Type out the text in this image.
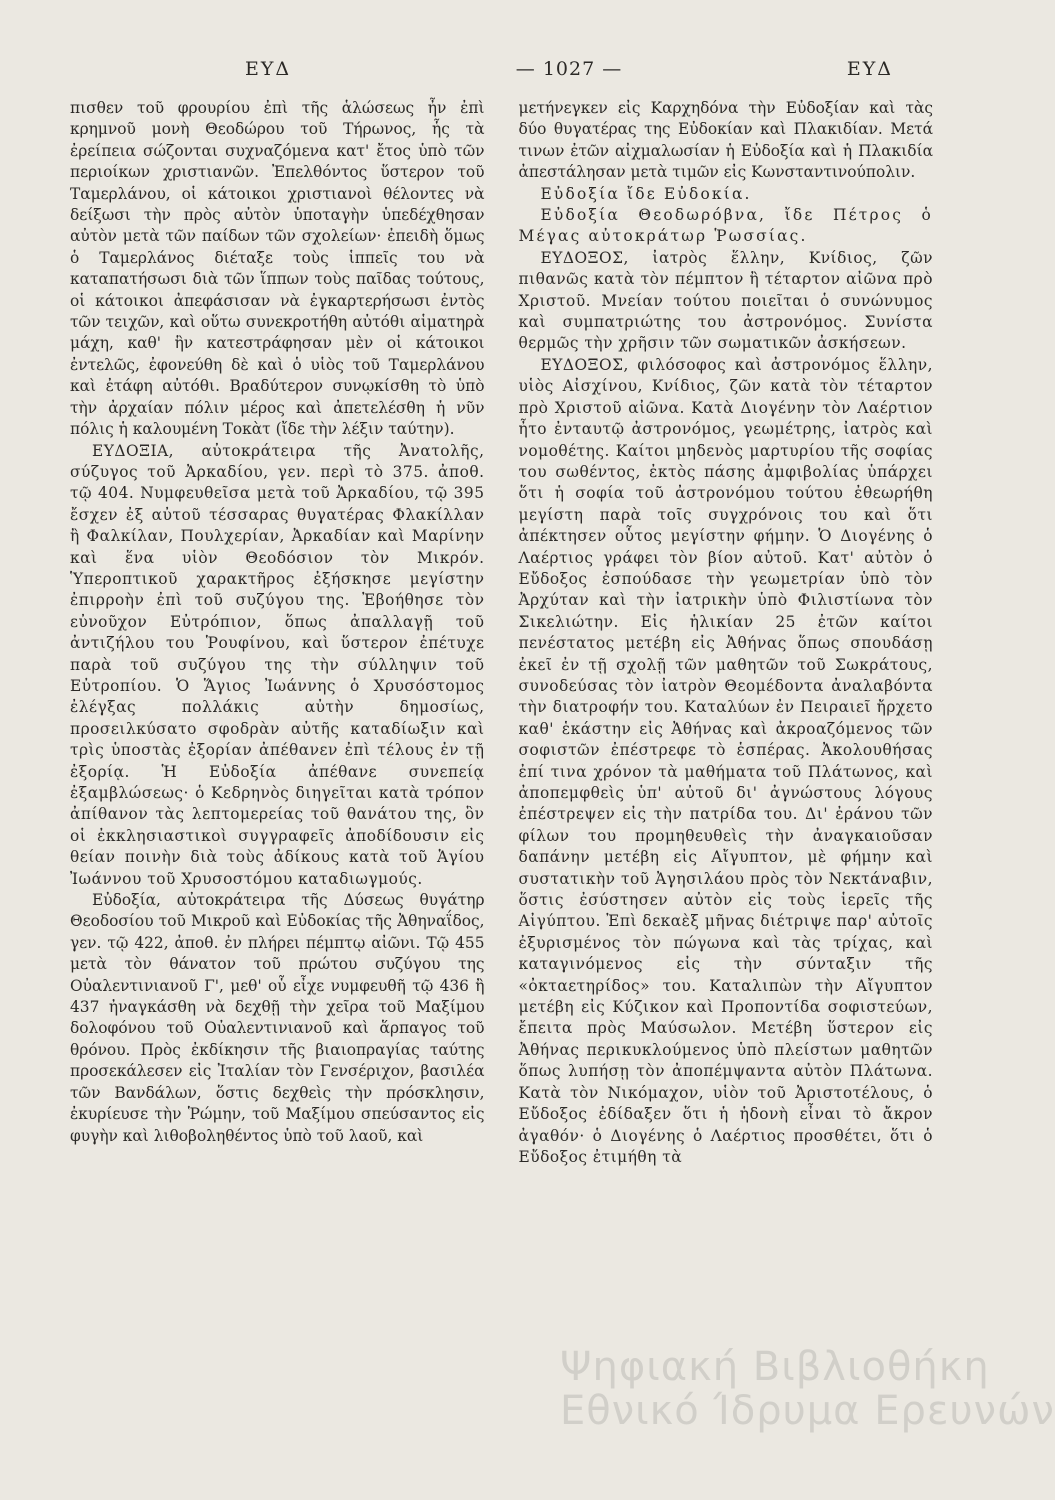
ΕΥΔ	— 1027 —	ΕΥΔ

πισθεν τοῦ φρουρίου ἐπὶ τῆς ἁλώσεως ἦν ἐπὶ κρημνοῦ μονὴ Θεοδώρου τοῦ Τήρωνος, ἧς τὰ ἐρείπεια σώζονται συχναζόμενα κατ' ἔτος ὑπὸ τῶν περιοίκων χριστιανῶν. Ἐπελθόντος ὕστερον τοῦ Ταμερλάνου, οἱ κάτοικοι χριστιανοὶ θέλοντες νὰ δείξωσι τὴν πρὸς αὐτὸν ὑποταγὴν ὑπεδέχθησαν αὐτὸν μετὰ τῶν παίδων τῶν σχολείων· ἐπειδὴ ὅμως ὁ Ταμερλάνος διέταξε τοὺς ἱππεῖς του νὰ καταπατήσωσι διὰ τῶν ἵππων τοὺς παῖδας τούτους, οἱ κάτοικοι ἀπεφάσισαν νὰ ἐγκαρτερήσωσι ἐντὸς τῶν τειχῶν, καὶ οὕτω συνεκροτήθη αὐτόθι αἱματηρὰ μάχη, καθ' ἣν κατεστράφησαν μὲν οἱ κάτοικοι ἐντελῶς, ἐφονεύθη δὲ καὶ ὁ υἱὸς τοῦ Ταμερλάνου καὶ ἐτάφη αὐτόθι. Βραδύτερον συνῳκίσθη τὸ ὑπὸ τὴν ἀρχαίαν πόλιν μέρος καὶ ἀπετελέσθη ἡ νῦν πόλις ἡ καλουμένη Τοκὰτ (ἴδε τὴν λέξιν ταύτην).

ΕΥΔΟΞΙΑ, αὐτοκράτειρα τῆς Ἀνατολῆς, σύζυγος τοῦ Ἀρκαδίου, γεν. περὶ τὸ 375. ἀποθ. τῷ 404. Νυμφευθεῖσα μετὰ τοῦ Ἀρκαδίου, τῷ 395 ἔσχεν ἐξ αὐτοῦ τέσσαρας θυγατέρας Φλακίλλαν ἢ Φαλκίλαν, Πουλχερίαν, Ἀρκαδίαν καὶ Μαρίνην καὶ ἕνα υἱὸν Θεοδόσιον τὸν Μικρόν. Ὑπεροπτικοῦ χαρακτῆρος ἐξήσκησε μεγίστην ἐπιρροὴν ἐπὶ τοῦ συζύγου της. Ἐβοήθησε τὸν εὐνοῦχον Εὐτρόπιον, ὅπως ἀπαλλαγῇ τοῦ ἀντιζήλου του Ῥουφίνου, καὶ ὕστερον ἐπέτυχε παρὰ τοῦ συζύγου της τὴν σύλληψιν τοῦ Εὐτροπίου. Ὁ Ἅγιος Ἰωάννης ὁ Χρυσόστομος ἐλέγξας πολλάκις αὐτὴν δημοσίως, προσειλκύσατο σφοδρὰν αὐτῆς καταδίωξιν καὶ τρὶς ὑποστὰς ἐξορίαν ἀπέθανεν ἐπὶ τέλους ἐν τῇ ἐξορίᾳ. Ἡ Εὐδοξία ἀπέθανε συνεπείᾳ ἐξαμβλώσεως· ὁ Κεδρηνὸς διηγεῖται κατὰ τρόπον ἀπίθανον τὰς λεπτομερείας τοῦ θανάτου της, ὃν οἱ ἐκκλησιαστικοὶ συγγραφεῖς ἀποδίδουσιν εἰς θείαν ποινὴν διὰ τοὺς ἀδίκους κατὰ τοῦ Ἁγίου Ἰωάννου τοῦ Χρυσοστόμου καταδιωγμούς.

Εὐδοξία, αὐτοκράτειρα τῆς Δύσεως θυγάτηρ Θεοδοσίου τοῦ Μικροῦ καὶ Εὐδοκίας τῆς Ἀθηναΐδος, γεν. τῷ 422, ἀποθ. ἐν πλήρει πέμπτῳ αἰῶνι. Τῷ 455 μετὰ τὸν θάνατον τοῦ πρώτου συζύγου της Οὐαλεντινιανοῦ Γ', μεθ' οὗ εἶχε νυμφευθῆ τῷ 436 ἢ 437 ἠναγκάσθη νὰ δεχθῇ τὴν χεῖρα τοῦ Μαξίμου δολοφόνου τοῦ Οὐαλεντινιανοῦ καὶ ἅρπαγος τοῦ θρόνου. Πρὸς ἐκδίκησιν τῆς βιαιοπραγίας ταύτης προσεκάλεσεν εἰς Ἰταλίαν τὸν Γενσέριχον, βασιλέα τῶν Βανδάλων, ὅστις δεχθεὶς τὴν πρόσκλησιν, ἐκυρίευσε τὴν Ῥώμην, τοῦ Μαξίμου σπεύσαντος εἰς φυγὴν καὶ λιθοβοληθέντος ὑπὸ τοῦ λαοῦ, καὶ

μετήνεγκεν εἰς Καρχηδόνα τὴν Εὐδοξίαν καὶ τὰς δύο θυγατέρας της Εὐδοκίαν καὶ Πλακιδίαν. Μετά τινων ἐτῶν αἰχμαλωσίαν ἡ Εὐδοξία καὶ ἡ Πλακιδία ἀπεστάλησαν μετὰ τιμῶν εἰς Κωνσταντινούπολιν.

Εὐδοξία ἴδε Εὐδοκία.

Εὐδοξία Θεοδωρόβνα, ἴδε Πέτρος ὁ Μέγας αὐτοκράτωρ Ῥωσσίας.

ΕΥΔΟΞΟΣ, ἰατρὸς ἕλλην, Κνίδιος, ζῶν πιθανῶς κατὰ τὸν πέμπτον ἢ τέταρτον αἰῶνα πρὸ Χριστοῦ. Μνείαν τούτου ποιεῖται ὁ συνώνυμος καὶ συμπατριώτης του ἀστρονόμος. Συνίστα θερμῶς τὴν χρῆσιν τῶν σωματικῶν ἀσκήσεων.

ΕΥΔΟΞΟΣ, φιλόσοφος καὶ ἀστρονόμος ἕλλην, υἱὸς Αἰσχίνου, Κνίδιος, ζῶν κατὰ τὸν τέταρτον πρὸ Χριστοῦ αἰῶνα. Κατὰ Διογένην τὸν Λαέρτιον ἦτο ἐνταυτῷ ἀστρονόμος, γεωμέτρης, ἰατρὸς καὶ νομοθέτης. Καίτοι μηδενὸς μαρτυρίου τῆς σοφίας του σωθέντος, ἐκτὸς πάσης ἀμφιβολίας ὑπάρχει ὅτι ἡ σοφία τοῦ ἀστρονόμου τούτου ἐθεωρήθη μεγίστη παρὰ τοῖς συγχρόνοις του καὶ ὅτι ἀπέκτησεν οὗτος μεγίστην φήμην. Ὁ Διογένης ὁ Λαέρτιος γράφει τὸν βίον αὐτοῦ. Κατ' αὐτὸν ὁ Εὔδοξος ἐσπούδασε τὴν γεωμετρίαν ὑπὸ τὸν Ἀρχύταν καὶ τὴν ἰατρικὴν ὑπὸ Φιλιστίωνα τὸν Σικελιώτην. Εἰς ἡλικίαν 25 ἐτῶν καίτοι πενέστατος μετέβη εἰς Ἀθήνας ὅπως σπουδάσῃ ἐκεῖ ἐν τῇ σχολῇ τῶν μαθητῶν τοῦ Σωκράτους, συνοδεύσας τὸν ἰατρὸν Θεομέδοντα ἀναλαβόντα τὴν διατροφήν του. Καταλύων ἐν Πειραιεῖ ἤρχετο καθ' ἑκάστην εἰς Ἀθήνας καὶ ἀκροαζόμενος τῶν σοφιστῶν ἐπέστρεφε τὸ ἑσπέρας. Ἀκολουθήσας ἐπί τινα χρόνον τὰ μαθήματα τοῦ Πλάτωνος, καὶ ἀποπεμφθεὶς ὑπ' αὐτοῦ δι' ἀγνώστους λόγους ἐπέστρεψεν εἰς τὴν πατρίδα του. Δι' ἐράνου τῶν φίλων του προμηθευθεὶς τὴν ἀναγκαιοῦσαν δαπάνην μετέβη εἰς Αἴγυπτον, μὲ φήμην καὶ συστατικὴν τοῦ Ἀγησιλάου πρὸς τὸν Νεκτάναβιν, ὅστις ἐσύστησεν αὐτὸν εἰς τοὺς ἱερεῖς τῆς Αἰγύπτου. Ἐπὶ δεκαὲξ μῆνας διέτριψε παρ' αὐτοῖς ἐξυρισμένος τὸν πώγωνα καὶ τὰς τρίχας, καὶ καταγινόμενος εἰς τὴν σύνταξιν τῆς «ὀκταετηρίδος» του. Καταλιπὼν τὴν Αἴγυπτον μετέβη εἰς Κύζικον καὶ Προποντίδα σοφιστεύων, ἔπειτα πρὸς Μαύσωλον. Μετέβη ὕστερον εἰς Ἀθήνας περικυκλούμενος ὑπὸ πλείστων μαθητῶν ὅπως λυπήσῃ τὸν ἀποπέμψαντα αὐτὸν Πλάτωνα. Κατὰ τὸν Νικόμαχον, υἱὸν τοῦ Ἀριστοτέλους, ὁ Εὔδοξος ἐδίδαξεν ὅτι ἡ ἡδονὴ εἶναι τὸ ἄκρον ἀγαθόν· ὁ Διογένης ὁ Λαέρτιος προσθέτει, ὅτι ὁ Εὔδοξος ἐτιμήθη τὰ

Ψηφιακή Βιβλιοθήκη
Εθνικό Ίδρυμα Ερευνών
